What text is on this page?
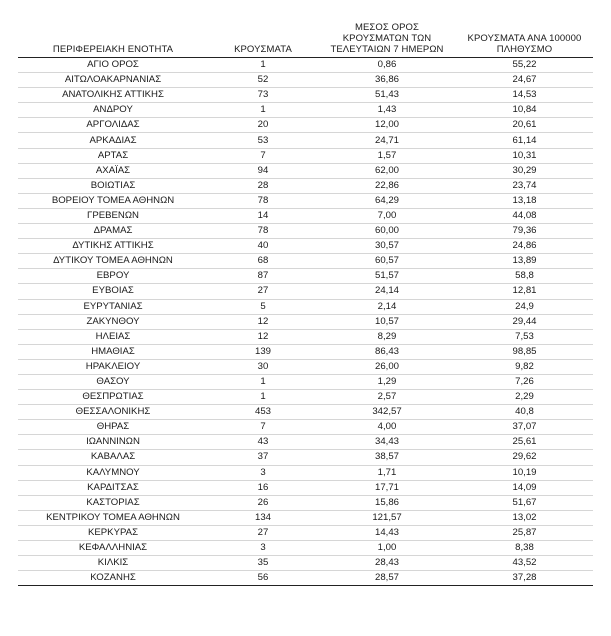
ΠΕΡΙΦΕΡΕΙΑΚΗ ΕΝΟΤΗΤΑ	ΚΡΟΥΣΜΑΤΑ	ΜΕΣΟΣ ΟΡΟΣ
ΚΡΟΥΣΜΑΤΩΝ ΤΩΝ
ΤΕΛΕΥΤΑΙΩΝ 7 ΗΜΕΡΩΝ	ΚΡΟΥΣΜΑΤΑ ΑΝΑ 100000
ΠΛΗΘΥΣΜΟ

ΑΓΙΟ ΟΡΟΣ	1	0,86	55,22
ΑΙΤΩΛΟΑΚΑΡΝΑΝΙΑΣ	52	36,86	24,67
ΑΝΑΤΟΛΙΚΗΣ ΑΤΤΙΚΗΣ	73	51,43	14,53
ΑΝΔΡΟΥ	1	1,43	10,84
ΑΡΓΟΛΙΔΑΣ	20	12,00	20,61
ΑΡΚΑΔΙΑΣ	53	24,71	61,14
ΑΡΤΑΣ	7	1,57	10,31
ΑΧΑΪΑΣ	94	62,00	30,29
ΒΟΙΩΤΙΑΣ	28	22,86	23,74
ΒΟΡΕΙΟΥ ΤΟΜΕΑ ΑΘΗΝΩΝ	78	64,29	13,18
ΓΡΕΒΕΝΩΝ	14	7,00	44,08
ΔΡΑΜΑΣ	78	60,00	79,36
ΔΥΤΙΚΗΣ ΑΤΤΙΚΗΣ	40	30,57	24,86
ΔΥΤΙΚΟΥ ΤΟΜΕΑ ΑΘΗΝΩΝ	68	60,57	13,89
ΕΒΡΟΥ	87	51,57	58,8
ΕΥΒΟΙΑΣ	27	24,14	12,81
ΕΥΡΥΤΑΝΙΑΣ	5	2,14	24,9
ΖΑΚΥΝΘΟΥ	12	10,57	29,44
ΗΛΕΙΑΣ	12	8,29	7,53
ΗΜΑΘΙΑΣ	139	86,43	98,85
ΗΡΑΚΛΕΙΟΥ	30	26,00	9,82
ΘΑΣΟΥ	1	1,29	7,26
ΘΕΣΠΡΩΤΙΑΣ	1	2,57	2,29
ΘΕΣΣΑΛΟΝΙΚΗΣ	453	342,57	40,8
ΘΗΡΑΣ	7	4,00	37,07
ΙΩΑΝΝΙΝΩΝ	43	34,43	25,61
ΚΑΒΑΛΑΣ	37	38,57	29,62
ΚΑΛΥΜΝΟΥ	3	1,71	10,19
ΚΑΡΔΙΤΣΑΣ	16	17,71	14,09
ΚΑΣΤΟΡΙΑΣ	26	15,86	51,67
ΚΕΝΤΡΙΚΟΥ ΤΟΜΕΑ ΑΘΗΝΩΝ	134	121,57	13,02
ΚΕΡΚΥΡΑΣ	27	14,43	25,87
ΚΕΦΑΛΛΗΝΙΑΣ	3	1,00	8,38
ΚΙΛΚΙΣ	35	28,43	43,52
ΚΟΖΑΝΗΣ	56	28,57	37,28
